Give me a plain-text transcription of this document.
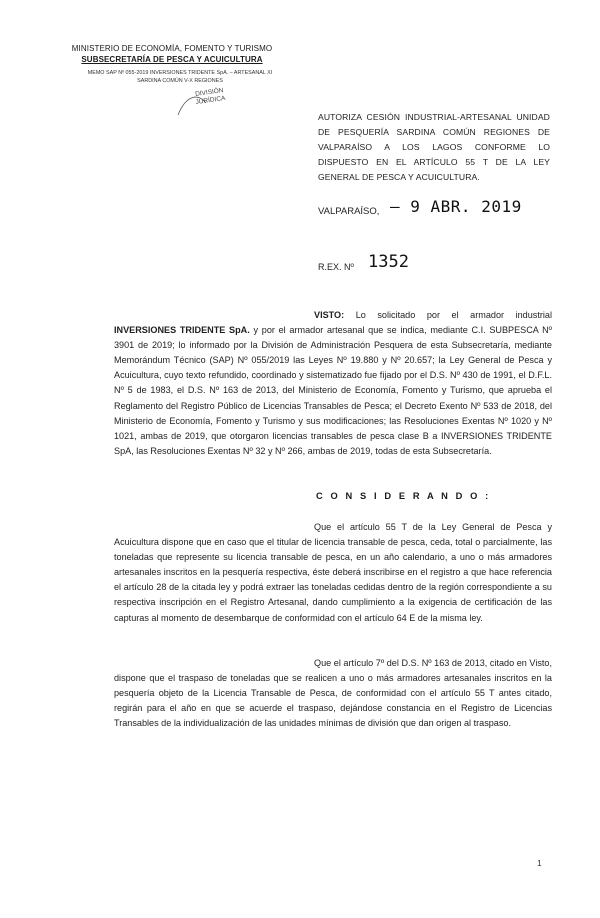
MINISTERIO DE ECONOMÍA, FOMENTO Y TURISMO
SUBSECRETARÍA DE PESCA Y ACUICULTURA
MEMO SAP Nº 055-2019 INVERSIONES TRIDENTE SpA. – ARTESANAL XI
SARDINA COMÚN V-X REGIONES
DIVISIÓN
JURÍDICA
AUTORIZA CESIÓN INDUSTRIAL-ARTESANAL UNIDAD DE PESQUERÍA SARDINA COMÚN REGIONES DE VALPARAÍSO A LOS LAGOS CONFORME LO DISPUESTO EN EL ARTÍCULO 55 T DE LA LEY GENERAL DE PESCA Y ACUICULTURA.
VALPARAÍSO, – 9 ABR. 2019
R.EX. Nº 1352
VISTO: Lo solicitado por el armador industrial INVERSIONES TRIDENTE SpA. y por el armador artesanal que se indica, mediante C.I. SUBPESCA Nº 3901 de 2019; lo informado por la División de Administración Pesquera de esta Subsecretaría, mediante Memorándum Técnico (SAP) Nº 055/2019 las Leyes Nº 19.880 y Nº 20.657; la Ley General de Pesca y Acuicultura, cuyo texto refundido, coordinado y sistematizado fue fijado por el D.S. Nº 430 de 1991, el D.F.L. Nº 5 de 1983, el D.S. Nº 163 de 2013, del Ministerio de Economía, Fomento y Turismo, que aprueba el Reglamento del Registro Público de Licencias Transables de Pesca; el Decreto Exento Nº 533 de 2018, del Ministerio de Economía, Fomento y Turismo y sus modificaciones; las Resoluciones Exentas Nº 1020 y Nº 1021, ambas de 2019, que otorgaron licencias transables de pesca clase B a INVERSIONES TRIDENTE SpA, las Resoluciones Exentas Nº 32 y Nº 266, ambas de 2019, todas de esta Subsecretaría.
C O N S I D E R A N D O :
Que el artículo 55 T de la Ley General de Pesca y Acuicultura dispone que en caso que el titular de licencia transable de pesca, ceda, total o parcialmente, las toneladas que represente su licencia transable de pesca, en un año calendario, a uno o más armadores artesanales inscritos en la pesquería respectiva, éste deberá inscribirse en el registro a que hace referencia el artículo 28 de la citada ley y podrá extraer las toneladas cedidas dentro de la región correspondiente a su respectiva inscripción en el Registro Artesanal, dando cumplimiento a la exigencia de certificación de las capturas al momento de desembarque de conformidad con el artículo 64 E de la misma ley.
Que el artículo 7º del D.S. Nº 163 de 2013, citado en Visto, dispone que el traspaso de toneladas que se realicen a uno o más armadores artesanales inscritos en la pesquería objeto de la Licencia Transable de Pesca, de conformidad con el artículo 55 T antes citado, regirán para el año en que se acuerde el traspaso, dejándose constancia en el Registro de Licencias Transables de la individualización de las unidades mínimas de división que dan origen al traspaso.
1
